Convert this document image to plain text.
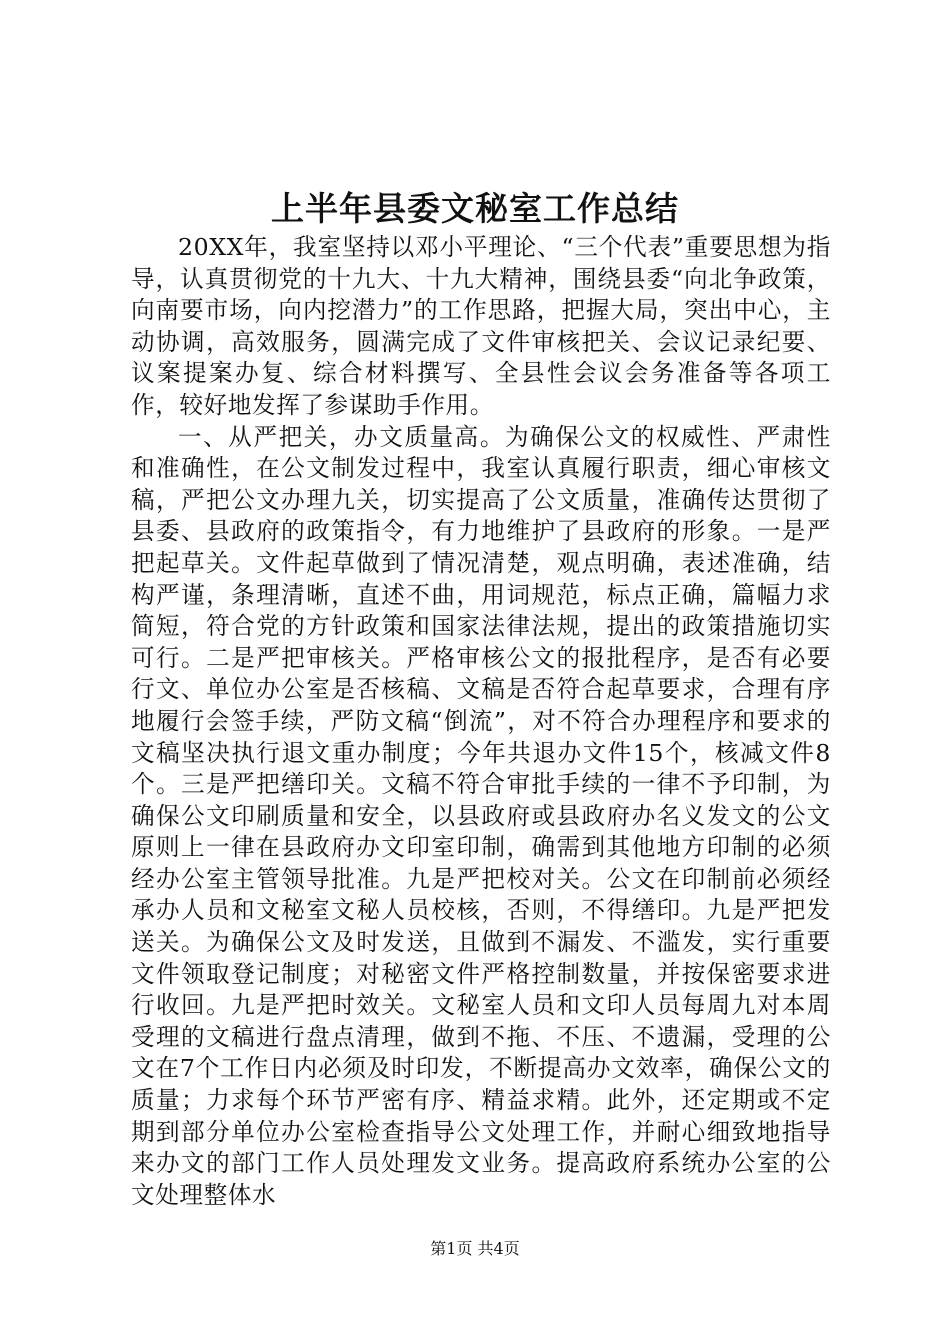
上半年县委文秘室工作总结

20XX年，我室坚持以邓小平理论、“三个代表”重要思想为指导，认真贯彻党的十九大、十九大精神，围绕县委“向北争政策，向南要市场，向内挖潜力”的工作思路，把握大局，突出中心，主动协调，高效服务，圆满完成了文件审核把关、会议记录纪要、议案提案办复、综合材料撰写、全县性会议会务准备等各项工作，较好地发挥了参谋助手作用。

一、从严把关，办文质量高。为确保公文的权威性、严肃性和准确性，在公文制发过程中，我室认真履行职责，细心审核文稿，严把公文办理九关，切实提高了公文质量，准确传达贯彻了县委、县政府的政策指令，有力地维护了县政府的形象。一是严把起草关。文件起草做到了情况清楚，观点明确，表述准确，结构严谨，条理清晰，直述不曲，用词规范，标点正确，篇幅力求简短，符合党的方针政策和国家法律法规，提出的政策措施切实可行。二是严把审核关。严格审核公文的报批程序，是否有必要行文、单位办公室是否核稿、文稿是否符合起草要求，合理有序地履行会签手续，严防文稿“倒流”，对不符合办理程序和要求的文稿坚决执行退文重办制度；今年共退办文件15个，核减文件8个。三是严把缮印关。文稿不符合审批手续的一律不予印制，为确保公文印刷质量和安全，以县政府或县政府办名义发文的公文原则上一律在县政府办文印室印制，确需到其他地方印制的必须经办公室主管领导批准。九是严把校对关。公文在印制前必须经承办人员和文秘室文秘人员校核，否则，不得缮印。九是严把发送关。为确保公文及时发送，且做到不漏发、不滥发，实行重要文件领取登记制度；对秘密文件严格控制数量，并按保密要求进行收回。九是严把时效关。文秘室人员和文印人员每周九对本周受理的文稿进行盘点清理，做到不拖、不压、不遗漏，受理的公文在7个工作日内必须及时印发，不断提高办文效率，确保公文的质量；力求每个环节严密有序、精益求精。此外，还定期或不定期到部分单位办公室检查指导公文处理工作，并耐心细致地指导来办文的部门工作人员处理发文业务。提高政府系统办公室的公文处理整体水

第1页 共4页
